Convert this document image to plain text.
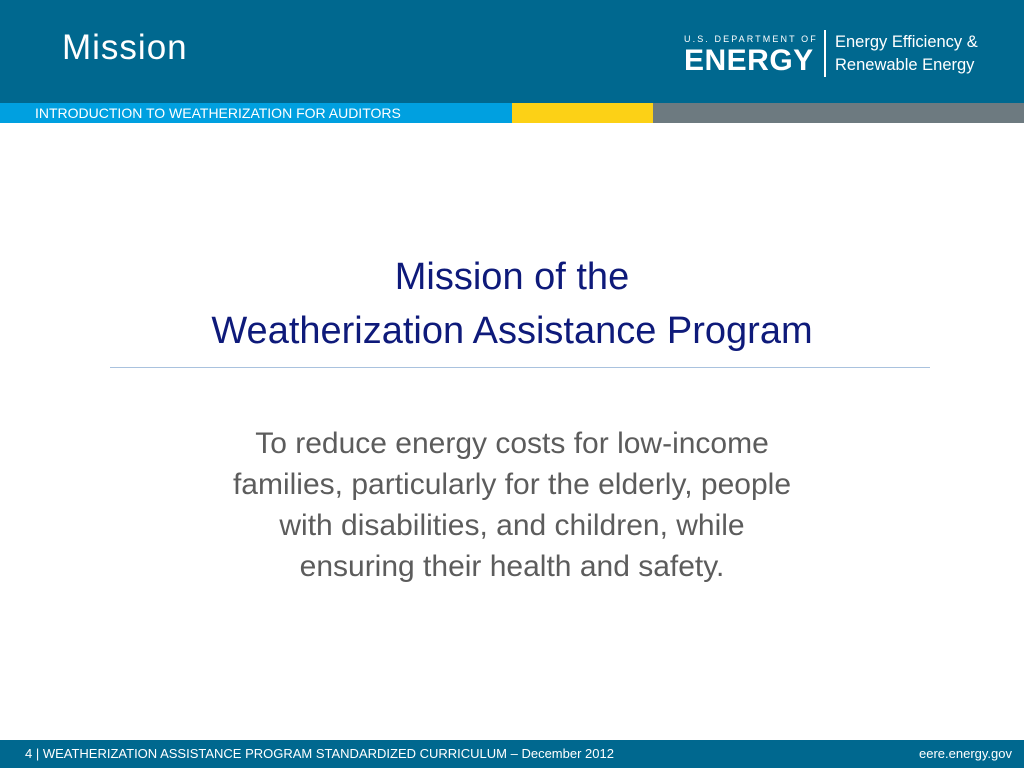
Mission	U.S. DEPARTMENT OF
ENERGY
Energy Efficiency &
Renewable Energy
INTRODUCTION TO WEATHERIZATION FOR AUDITORS
Mission of the
Weatherization Assistance Program
To reduce energy costs for low-income
families, particularly for the elderly, people
with disabilities, and children, while
ensuring their health and safety.
4 | WEATHERIZATION ASSISTANCE PROGRAM STANDARDIZED CURRICULUM – December 2012	eere.energy.gov
